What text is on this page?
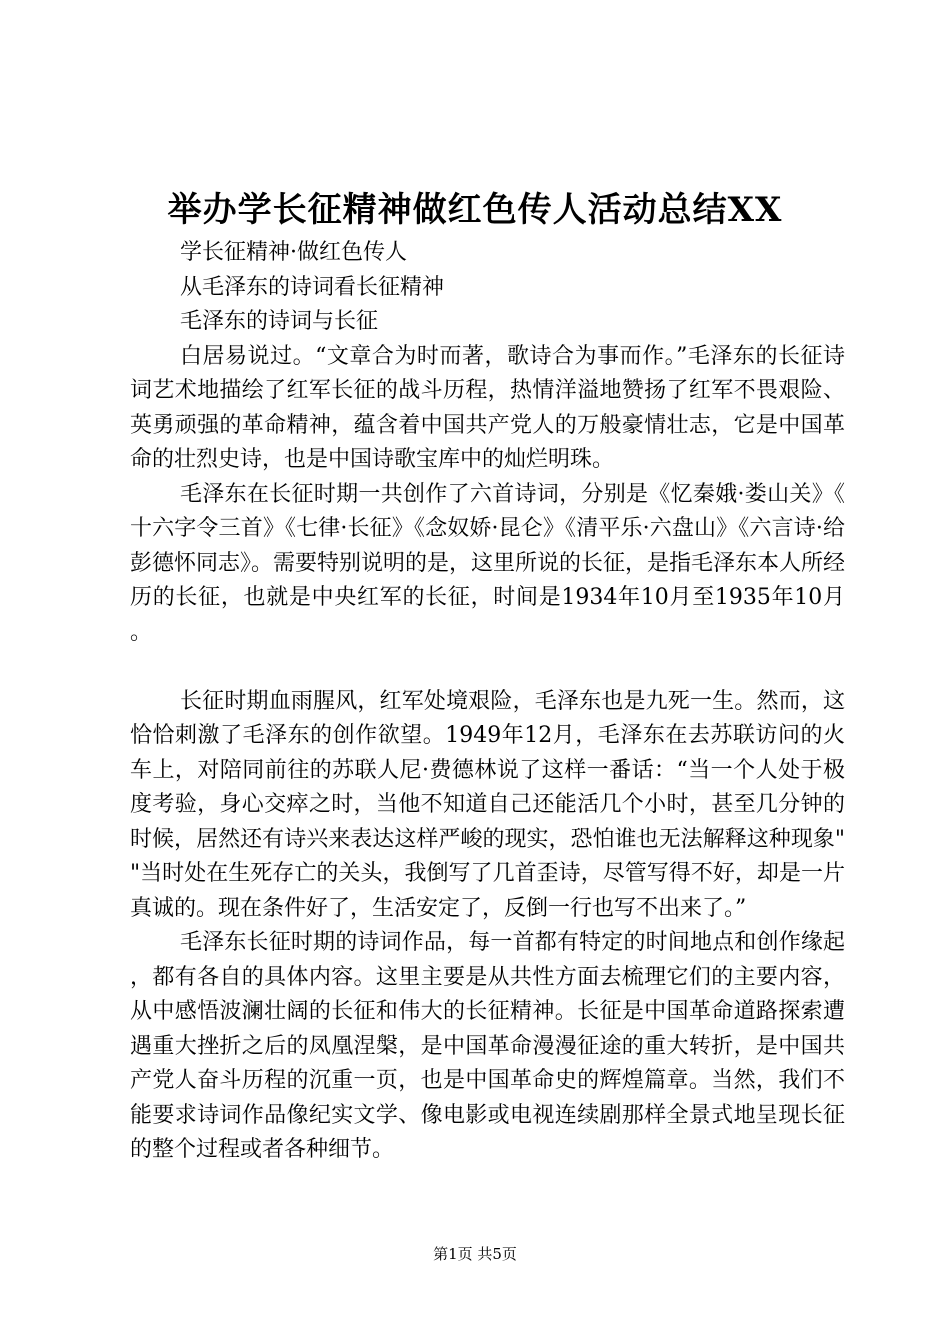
举办学长征精神做红色传人活动总结XX

学长征精神·做红色传人

从毛泽东的诗词看长征精神

毛泽东的诗词与长征

白居易说过。“文章合为时而著，歌诗合为事而作。”毛泽东的长征诗词艺术地描绘了红军长征的战斗历程，热情洋溢地赞扬了红军不畏艰险、英勇顽强的革命精神，蕴含着中国共产党人的万般豪情壮志，它是中国革命的壮烈史诗，也是中国诗歌宝库中的灿烂明珠。

毛泽东在长征时期一共创作了六首诗词，分别是《忆秦娥·娄山关》《十六字令三首》《七律·长征》《念奴娇·昆仑》《清平乐·六盘山》《六言诗·给彭德怀同志》。需要特别说明的是，这里所说的长征，是指毛泽东本人所经历的长征，也就是中央红军的长征，时间是1934年10月至1935年10月。

长征时期血雨腥风，红军处境艰险，毛泽东也是九死一生。然而，这恰恰刺激了毛泽东的创作欲望。1949年12月，毛泽东在去苏联访问的火车上，对陪同前往的苏联人尼·费德林说了这样一番话：“当一个人处于极度考验，身心交瘁之时，当他不知道自己还能活几个小时，甚至几分钟的时候，居然还有诗兴来表达这样严峻的现实，恐怕谁也无法解释这种现象""当时处在生死存亡的关头，我倒写了几首歪诗，尽管写得不好，却是一片真诚的。现在条件好了，生活安定了，反倒一行也写不出来了。”

毛泽东长征时期的诗词作品，每一首都有特定的时间地点和创作缘起，都有各自的具体内容。这里主要是从共性方面去梳理它们的主要内容，从中感悟波澜壮阔的长征和伟大的长征精神。长征是中国革命道路探索遭遇重大挫折之后的凤凰涅槃，是中国革命漫漫征途的重大转折，是中国共产党人奋斗历程的沉重一页，也是中国革命史的辉煌篇章。当然，我们不能要求诗词作品像纪实文学、像电影或电视连续剧那样全景式地呈现长征的整个过程或者各种细节。

第1页 共5页
